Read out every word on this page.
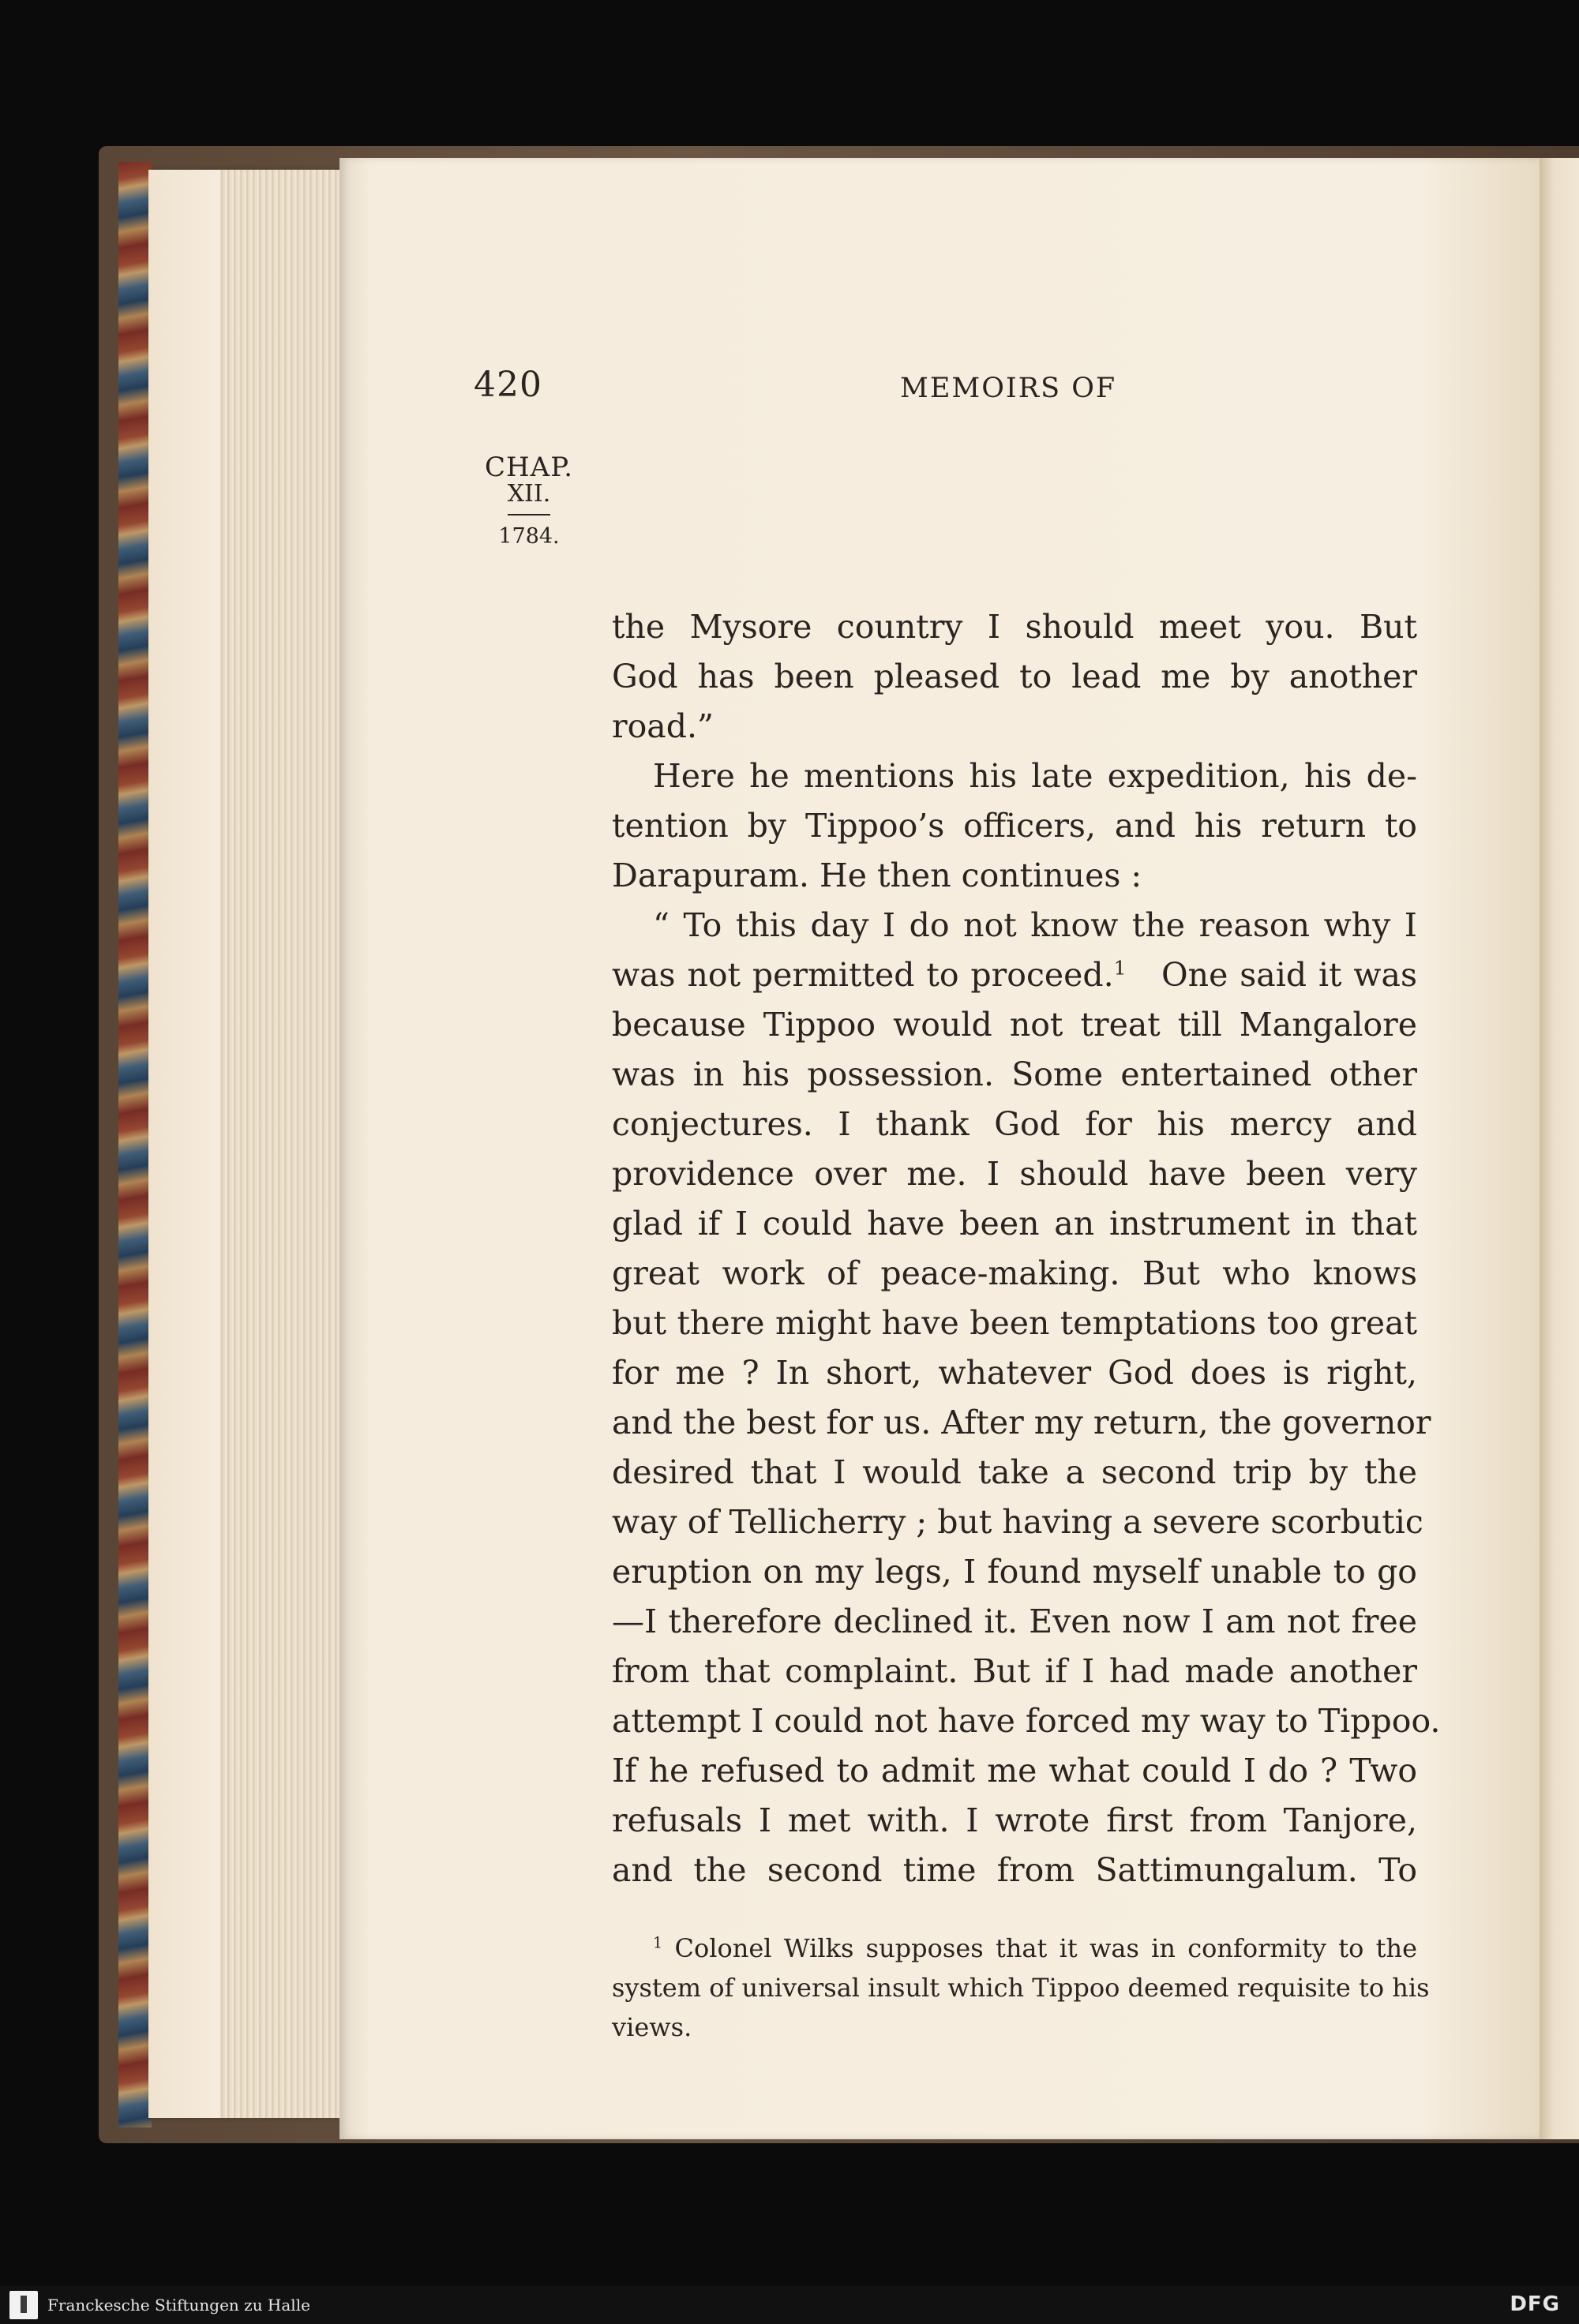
420	MEMOIRS OF
CHAP.
XII.
1784.
the Mysore country I should meet you. But
God has been pleased to lead me by another
road.”
Here he mentions his late expedition, his de-
tention by Tippoo’s officers, and his return to
Darapuram. He then continues :
“ To this day I do not know the reason why I
was not permitted to proceed.$^1$ One said it was
because Tippoo would not treat till Mangalore
was in his possession. Some entertained other
conjectures. I thank God for his mercy and
providence over me. I should have been very
glad if I could have been an instrument in that
great work of peace-making. But who knows
but there might have been temptations too great
for me ? In short, whatever God does is right,
and the best for us. After my return, the governor
desired that I would take a second trip by the
way of Tellicherry ; but having a severe scorbutic
eruption on my legs, I found myself unable to go
—I therefore declined it. Even now I am not free
from that complaint. But if I had made another
attempt I could not have forced my way to Tippoo.
If he refused to admit me what could I do ? Two
refusals I met with. I wrote first from Tanjore,
and the second time from Sattimungalum. To
$^1$ Colonel Wilks supposes that it was in conformity to the
system of universal insult which Tippoo deemed requisite to his
views.
Franckesche Stiftungen zu Halle	DFG
